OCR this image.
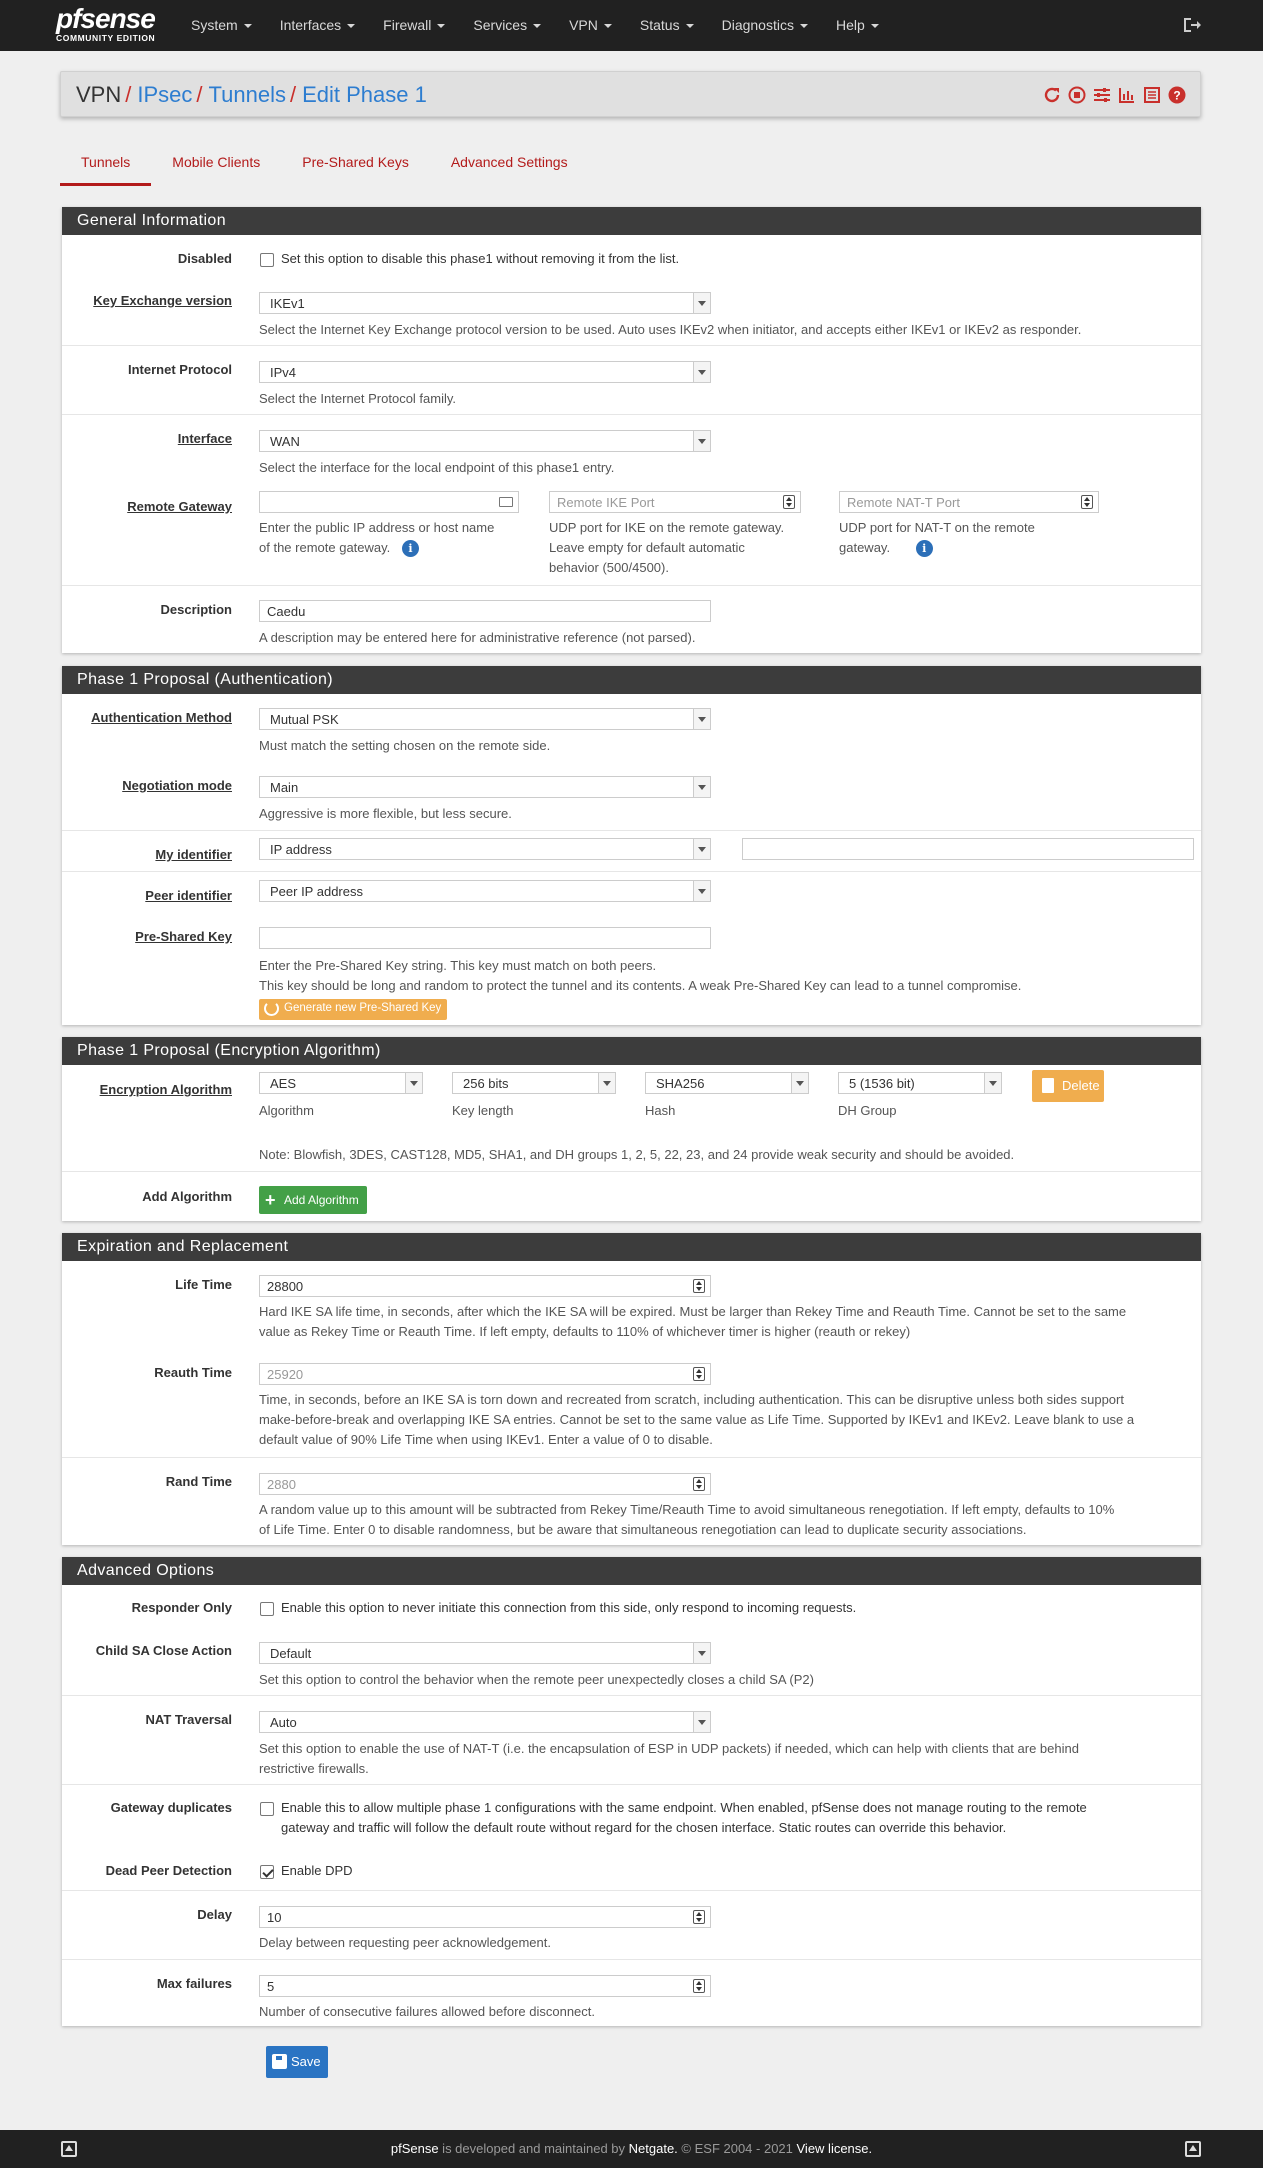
pfsense
COMMUNITY EDITION
System	Interfaces	Firewall	Services	VPN	Status	Diagnostics	Help
VPN / IPsec / Tunnels / Edit Phase 1	?
Tunnels	Mobile Clients	Pre-Shared Keys	Advanced Settings
General Information
Disabled	Set this option to disable this phase1 without removing it from the list.
Key Exchange version	IKEv1
Select the Internet Key Exchange protocol version to be used. Auto uses IKEv2 when initiator, and accepts either IKEv1 or IKEv2 as responder.
Internet Protocol	IPv4
Select the Internet Protocol family.
Interface	WAN
Select the interface for the local endpoint of this phase1 entry.
Remote Gateway	Remote IKE Port	Remote NAT-T Port
Enter the public IP address or host name
of the remote gateway. i
UDP port for IKE on the remote gateway.
Leave empty for default automatic
behavior (500/4500).
UDP port for NAT-T on the remote
gateway.	i
Description	Caedu
A description may be entered here for administrative reference (not parsed).
Phase 1 Proposal (Authentication)
Authentication Method	Mutual PSK
Must match the setting chosen on the remote side.
Negotiation mode	Main
Aggressive is more flexible, but less secure.
My identifier	IP address
Peer identifier	Peer IP address
Pre-Shared Key
Enter the Pre-Shared Key string. This key must match on both peers.
This key should be long and random to protect the tunnel and its contents. A weak Pre-Shared Key can lead to a tunnel compromise.
Generate new Pre-Shared Key
Phase 1 Proposal (Encryption Algorithm)
Encryption Algorithm	AES	256 bits	SHA256	5 (1536 bit)	Delete
Algorithm	Key length	Hash	DH Group
Note: Blowfish, 3DES, CAST128, MD5, SHA1, and DH groups 1, 2, 5, 22, 23, and 24 provide weak security and should be avoided.
Add Algorithm + Add Algorithm
Expiration and Replacement
Life Time	28800
Hard IKE SA life time, in seconds, after which the IKE SA will be expired. Must be larger than Rekey Time and Reauth Time. Cannot be set to the same
value as Rekey Time or Reauth Time. If left empty, defaults to 110% of whichever timer is higher (reauth or rekey)
Reauth Time	25920
Time, in seconds, before an IKE SA is torn down and recreated from scratch, including authentication. This can be disruptive unless both sides support
make-before-break and overlapping IKE SA entries. Cannot be set to the same value as Life Time. Supported by IKEv1 and IKEv2. Leave blank to use a
default value of 90% Life Time when using IKEv1. Enter a value of 0 to disable.
Rand Time	2880
A random value up to this amount will be subtracted from Rekey Time/Reauth Time to avoid simultaneous renegotiation. If left empty, defaults to 10%
of Life Time. Enter 0 to disable randomness, but be aware that simultaneous renegotiation can lead to duplicate security associations.
Advanced Options
Responder Only	Enable this option to never initiate this connection from this side, only respond to incoming requests.
Child SA Close Action	Default
Set this option to control the behavior when the remote peer unexpectedly closes a child SA (P2)
NAT Traversal	Auto
Set this option to enable the use of NAT-T (i.e. the encapsulation of ESP in UDP packets) if needed, which can help with clients that are behind
restrictive firewalls.
Gateway duplicates	Enable this to allow multiple phase 1 configurations with the same endpoint. When enabled, pfSense does not manage routing to the remote
gateway and traffic will follow the default route without regard for the chosen interface. Static routes can override this behavior.
Dead Peer Detection	Enable DPD
Delay	10
Delay between requesting peer acknowledgement.
Max failures	5
Number of consecutive failures allowed before disconnect.
Save
pfSense is developed and maintained by Netgate. © ESF 2004 - 2021 View license.
